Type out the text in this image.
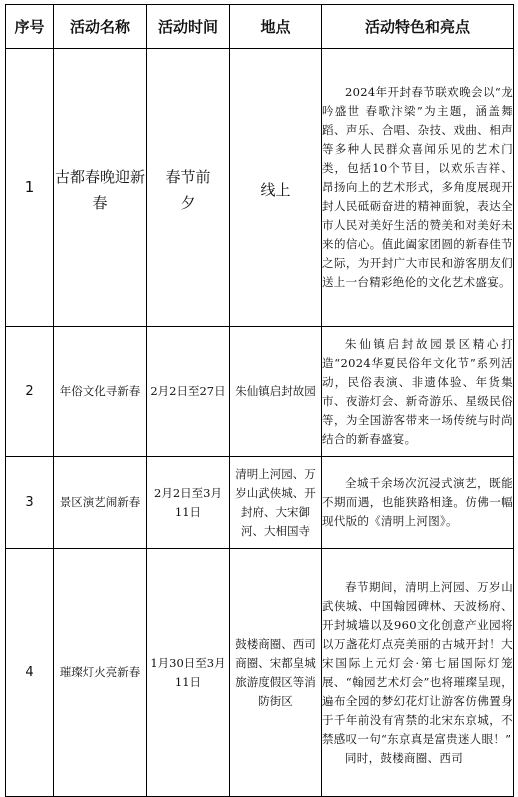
序号	活动名称	活动时间	地点	活动特色和亮点
1	古都春晚迎新春	春节前夕	线上	2024年开封春节联欢晚会以“龙吟盛世 春歌汴梁”为主题，涵盖舞蹈、声乐、合唱、杂技、戏曲、相声等多种人民群众喜闻乐见的艺术门类，包括10个节目，以欢乐吉祥、昂扬向上的艺术形式，多角度展现开封人民砥砺奋进的精神面貌，表达全市人民对美好生活的赞美和对美好未来的信心。值此阖家团圆的新春佳节之际，为开封广大市民和游客朋友们送上一台精彩绝伦的文化艺术盛宴。

2	年俗文化寻新春	2月2日至27日	朱仙镇启封故园	朱仙镇启封故园景区精心打造“2024华夏民俗年文化节”系列活动，民俗表演、非遗体验、年货集市、夜游灯会、新奇游乐、星级民俗等，为全国游客带来一场传统与时尚结合的新春盛宴。

3	景区演艺闹新春	2月2日至3月11日	清明上河园、万岁山武侠城、开封府、大宋御河、大相国寺	全城千余场次沉浸式演艺，既能不期而遇，也能狭路相逢。仿佛一幅现代版的《清明上河图》。

4	璀璨灯火亮新春	1月30日至3月11日	鼓楼商圈、西司商圈、宋都皇城旅游度假区等消防街区	春节期间，清明上河园、万岁山武侠城、中国翰园碑林、天波杨府、开封城墙以及960文化创意产业园将以万盏花灯点亮美丽的古城开封！大宋国际上元灯会·第七届国际灯笼展、“翰园艺术灯会”也将璀璨呈现，遍布全园的梦幻花灯让游客仿佛置身于千年前没有宵禁的北宋东京城，不禁感叹一句“东京真是富贵迷人眼！”
同时，鼓楼商圈、西司
